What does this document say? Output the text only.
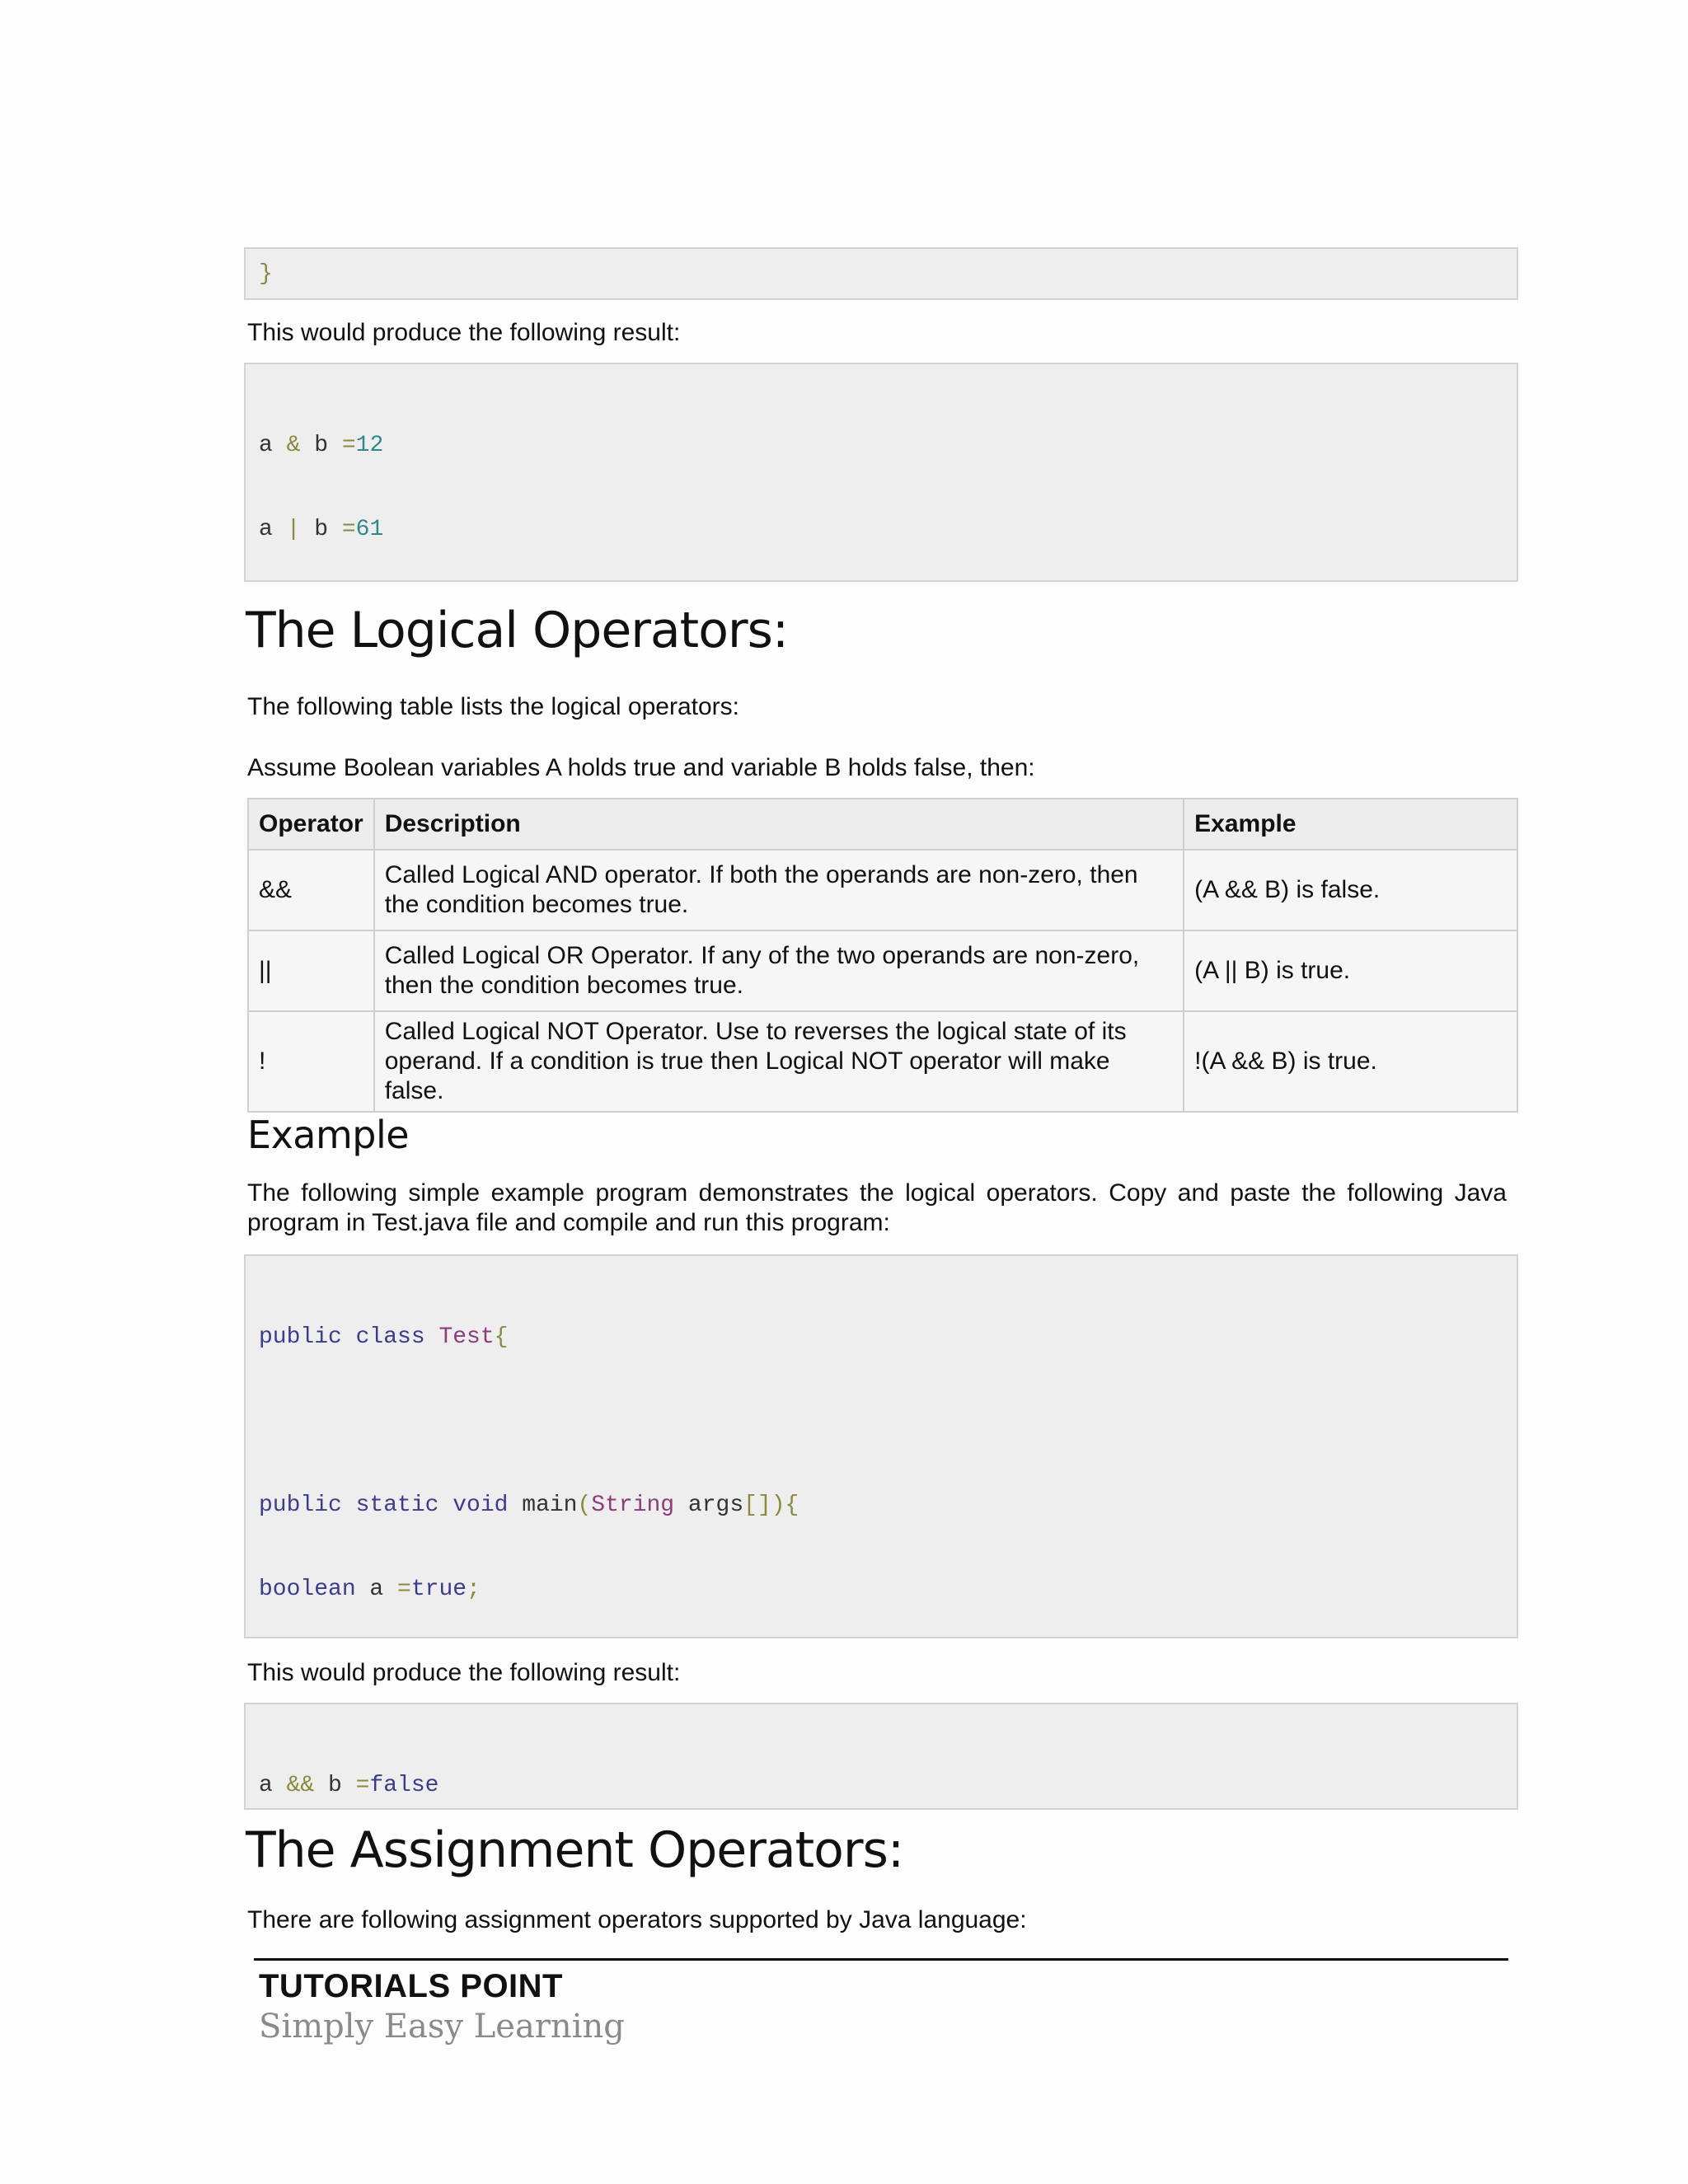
}
This would produce the following result:

a & b =12

a | b =61

The Logical Operators:
The following table lists the logical operators:
Assume Boolean variables A holds true and variable B holds false, then:
Operator	Description	Example
&&	Called Logical AND operator. If both the operands are non-zero, then the condition becomes true.	(A && B) is false.
||	Called Logical OR Operator. If any of the two operands are non-zero, then the condition becomes true.	(A || B) is true.
!	Called Logical NOT Operator. Use to reverses the logical state of its operand. If a condition is true then Logical NOT operator will make false.	!(A && B) is true.
Example
The following simple example program demonstrates the logical operators. Copy and paste the following Java program in Test.java file and compile and run this program:

public class Test{

public static void main(String args[]){

boolean a =true;

This would produce the following result:

a && b =false

The Assignment Operators:
There are following assignment operators supported by Java language:
TUTORIALS POINT
Simply Easy Learning
